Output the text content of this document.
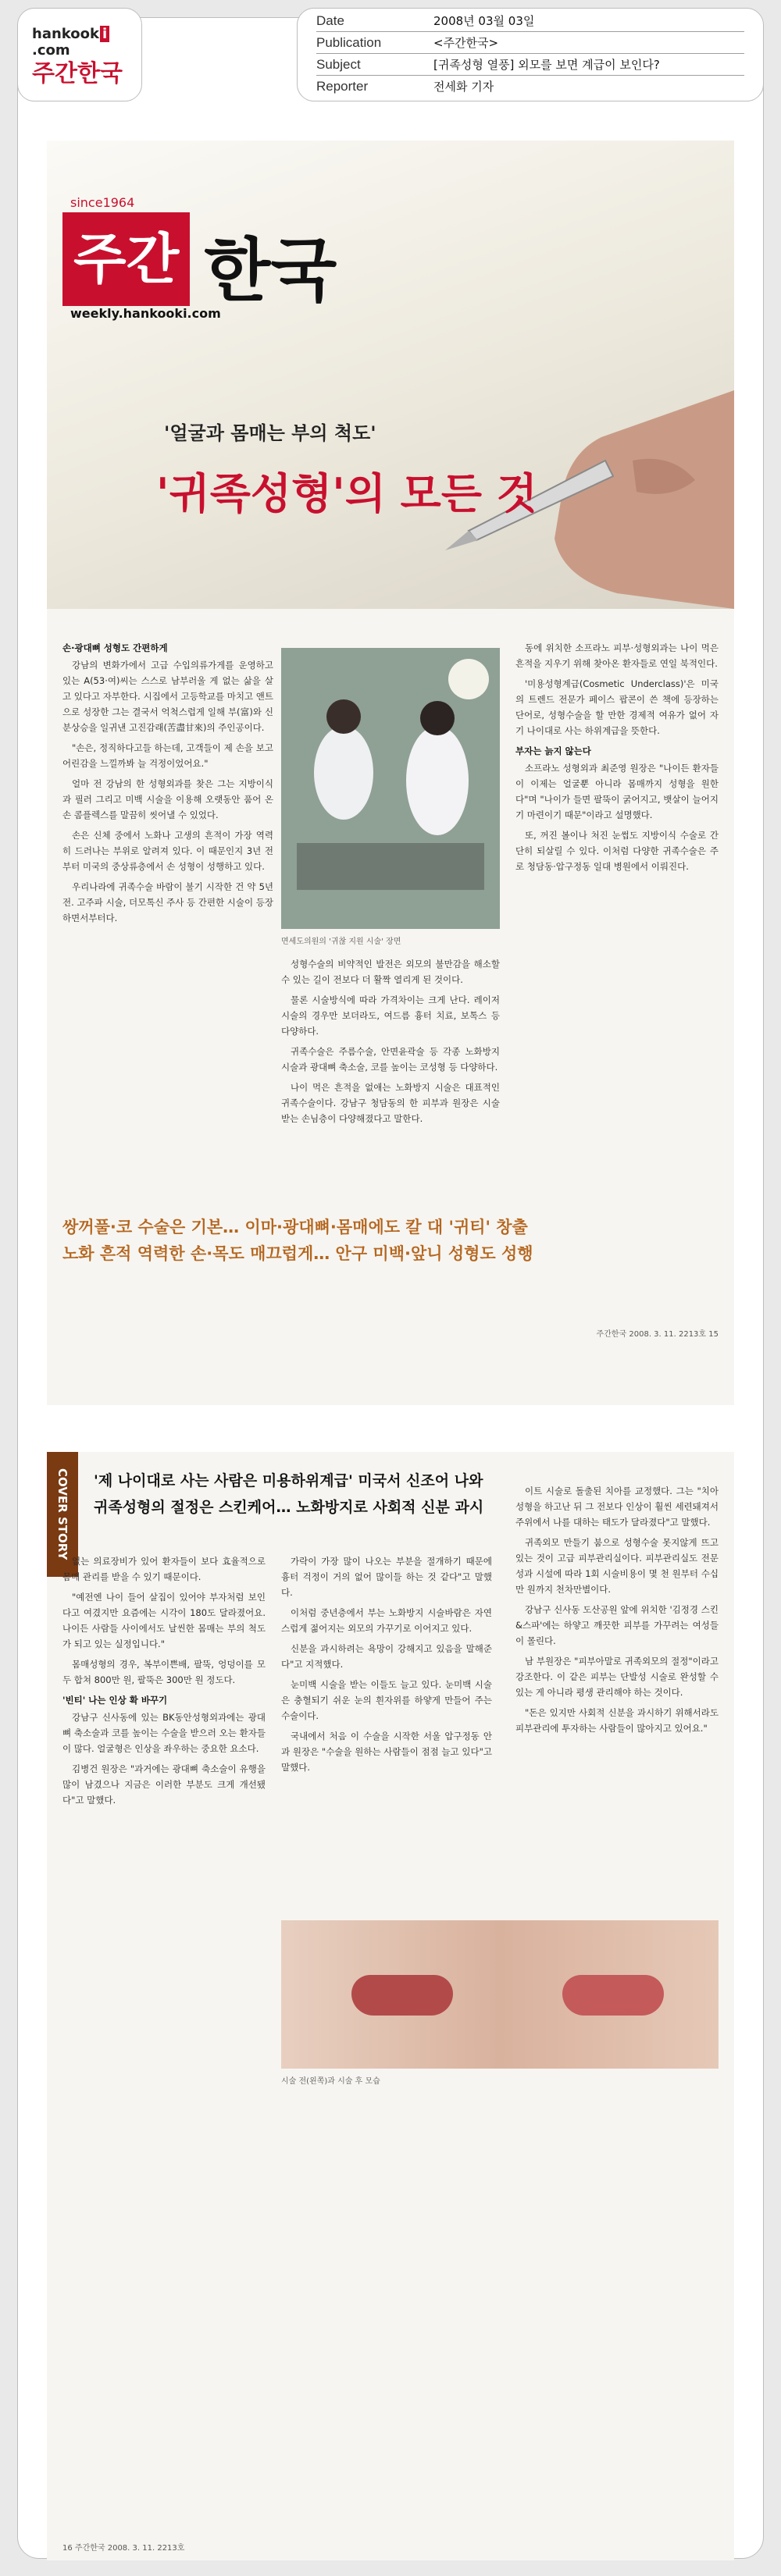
hankook i.com
주간한국
Date	2008년 03월 03일
Publication	<주간한국>
Subject	[귀족성형 열풍] 외모를 보면 계급이 보인다?
Reporter	전세화 기자
since1964
주간 한국
weekly.hankooki.com
'얼굴과 몸매는 부의 척도'
'귀족성형'의 모든 것

손·광대뼈 성형도 간편하게

강남의 변화가에서 고급 수입의류가게를 운영하고 있는 A(53·여)씨는 스스로 남부러울 게 없는 삶을 살고 있다고 자부한다. 시집에서 고등학교를 마치고 앤트으로 성장한 그는 결국서 억척스럽게 일해 부(富)와 신분상승을 일귀낸 고진감래(苦盡甘來)의 주인공이다.

"손은, 정직하다고들 하는데, 고객들이 제 손을 보고 어린감을 느낄까봐 늘 걱정이었어요."

얼마 전 강남의 한 성형외과를 찾은 그는 지방이식과 필러 그리고 미백 시술을 이용해 오랫동안 품어 온 손 콤플렉스를 말끔히 씻어낼 수 있었다.

손은 신체 중에서 노화나 고생의 흔적이 가장 역력히 드러나는 부위로 알려져 있다. 이 때문인지 3년 전부터 미국의 중상류층에서 손 성형이 성행하고 있다.

우리나라에 귀족수술 바람이 불기 시작한 건 약 5년 전. 고주파 시술, 더모톡신 주사 등 간편한 시술이 등장하면서부터다.

면세도의원의 '귀찮 지원 시술' 장면

성형수술의 비약적인 발전은 외모의 불만감을 해소할 수 있는 길이 전보다 더 활짝 열리게 된 것이다.

물론 시술방식에 따라 가격차이는 크게 난다. 레이저 시술의 경우만 보더라도, 여드름 흉터 치료, 보톡스 등 다양하다.

귀족수술은 주름수술, 안면윤곽술 등 각종 노화방지 시술과 광대뼈 축소술, 코를 높이는 코성형 등 다양하다.

나이 먹은 흔적을 없애는 노화방지 시술은 대표적인 귀족수술이다. 강남구 청담동의 한 피부과 원장은 시술받는 손님층이 다양해졌다고 말한다.

동에 위치한 소프라노 피부·성형외과는 나이 먹은 흔적을 지우기 위해 찾아온 환자들로 연일 북적인다.

'미용성형계급(Cosmetic Underclass)'은 미국의 트렌드 전문가 페이스 팝콘이 쓴 책에 등장하는 단어로, 성형수술을 할 만한 경제적 여유가 없어 자기 나이대로 사는 하위계급을 뜻한다.

부자는 늙지 않는다

소프라노 성형외과 최준영 원장은 "나이든 환자들이 이제는 얼굴뿐 아니라 몸매까지 성형을 원한다"며 "나이가 들면 팔뚝이 굵어지고, 뱃살이 늘어지기 마련이기 때문"이라고 설명했다.

또, 꺼진 볼이나 처진 눈썹도 지방이식 수술로 간단히 되살릴 수 있다. 이처럼 다양한 귀족수술은 주로 청담동·압구정동 일대 병원에서 이뤄진다.

쌍꺼풀·코 수술은 기본… 이마·광대뼈·몸매에도 칼 대 '귀티' 창출
노화 흔적 역력한 손·목도 매끄럽게… 안구 미백·앞니 성형도 성행
주간한국 2008. 3. 11. 2213호 15
COVER STORY	'제 나이대로 사는 사람은 미용하위계급' 미국서 신조어 나와
귀족성형의 절정은 스킨케어… 노화방지로 사회적 신분 과시

없는 의료장비가 있어 환자들이 보다 효율적으로 몸매 관리를 받을 수 있기 때문이다.

"예전엔 나이 들어 살집이 있어야 부자처럼 보인다고 여겼지만 요즘에는 시각이 180도 달라졌어요. 나이든 사람들 사이에서도 날씬한 몸매는 부의 척도가 되고 있는 실정입니다."

몸매성형의 경우, 복부이쁜배, 팔뚝, 엉덩이를 모두 합쳐 800만 원, 팔뚝은 300만 원 정도다.

'빈티' 나는 인상 확 바꾸기

강남구 신사동에 있는 BK동안성형외과에는 광대뼈 축소술과 코를 높이는 수술을 받으러 오는 환자들이 많다. 얼굴형은 인상을 좌우하는 중요한 요소다.

김병건 원장은 "과거에는 광대뼈 축소술이 유행을 많이 남겼으나 지금은 이러한 부분도 크게 개선됐다"고 말했다.

가락이 가장 많이 나오는 부분을 절개하기 때문에 흉터 걱정이 거의 없어 많이들 하는 것 같다"고 말했다.

이처럼 중년층에서 부는 노화방지 시술바람은 자연스럽게 젊어지는 외모의 가꾸기로 이어지고 있다.

신분을 과시하려는 욕망이 강해지고 있음을 말해준다"고 지적했다.

눈미백 시술을 받는 이들도 늘고 있다. 눈미백 시술은 충혈되기 쉬운 눈의 흰자위를 하얗게 만들어 주는 수술이다.

국내에서 처음 이 수술을 시작한 서울 압구정동 안과 원장은 "수술을 원하는 사람들이 점점 늘고 있다"고 말했다.

이트 시술로 돌출된 치아를 교정했다. 그는 "치아성형을 하고난 뒤 그 전보다 인상이 훨씬 세련돼져서 주위에서 나를 대하는 태도가 달라졌다"고 말했다.

귀족외모 만들기 붐으로 성형수술 못지않게 뜨고 있는 것이 고급 피부관리실이다. 피부관리실도 전문성과 시설에 따라 1회 시술비용이 몇 천 원부터 수십 만 원까지 천차만별이다.

강남구 신사동 도산공원 앞에 위치한 '김정경 스킨&스파'에는 하얗고 깨끗한 피부를 가꾸려는 여성들이 몰린다.

남 부원장은 "피부아말로 귀족외모의 절정"이라고 강조한다. 이 같은 피부는 단발성 시술로 완성할 수 있는 게 아니라 평생 관리해야 하는 것이다.

"돈은 있지만 사회적 신분을 과시하기 위해서라도 피부관리에 투자하는 사람들이 많아지고 있어요."

시술 전(왼쪽)과 시술 후 모습
16 주간한국 2008. 3. 11. 2213호
